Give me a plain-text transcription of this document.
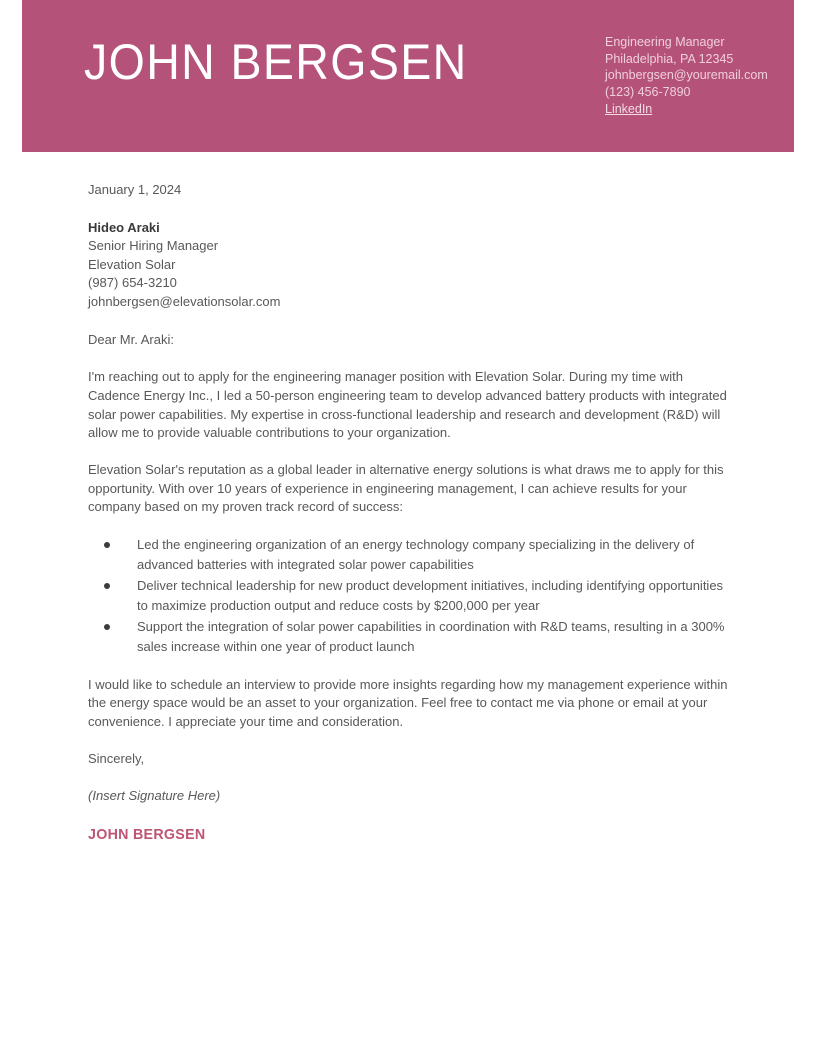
JOHN BERGSEN	Engineering Manager
Philadelphia, PA 12345
johnbergsen@youremail.com
(123) 456-7890
LinkedIn

January 1, 2024

Hideo Araki
Senior Hiring Manager
Elevation Solar
(987) 654-3210
johnbergsen@elevationsolar.com

Dear Mr. Araki:

I'm reaching out to apply for the engineering manager position with Elevation Solar. During my time with Cadence Energy Inc., I led a 50-person engineering team to develop advanced battery products with integrated solar power capabilities. My expertise in cross-functional leadership and research and development (R&D) will allow me to provide valuable contributions to your organization.

Elevation Solar's reputation as a global leader in alternative energy solutions is what draws me to apply for this opportunity. With over 10 years of experience in engineering management, I can achieve results for your company based on my proven track record of success:

Led the engineering organization of an energy technology company specializing in the delivery of advanced batteries with integrated solar power capabilities
Deliver technical leadership for new product development initiatives, including identifying opportunities to maximize production output and reduce costs by $200,000 per year
Support the integration of solar power capabilities in coordination with R&D teams, resulting in a 300% sales increase within one year of product launch

I would like to schedule an interview to provide more insights regarding how my management experience within the energy space would be an asset to your organization. Feel free to contact me via phone or email at your convenience. I appreciate your time and consideration.

Sincerely,

(Insert Signature Here)

JOHN BERGSEN
